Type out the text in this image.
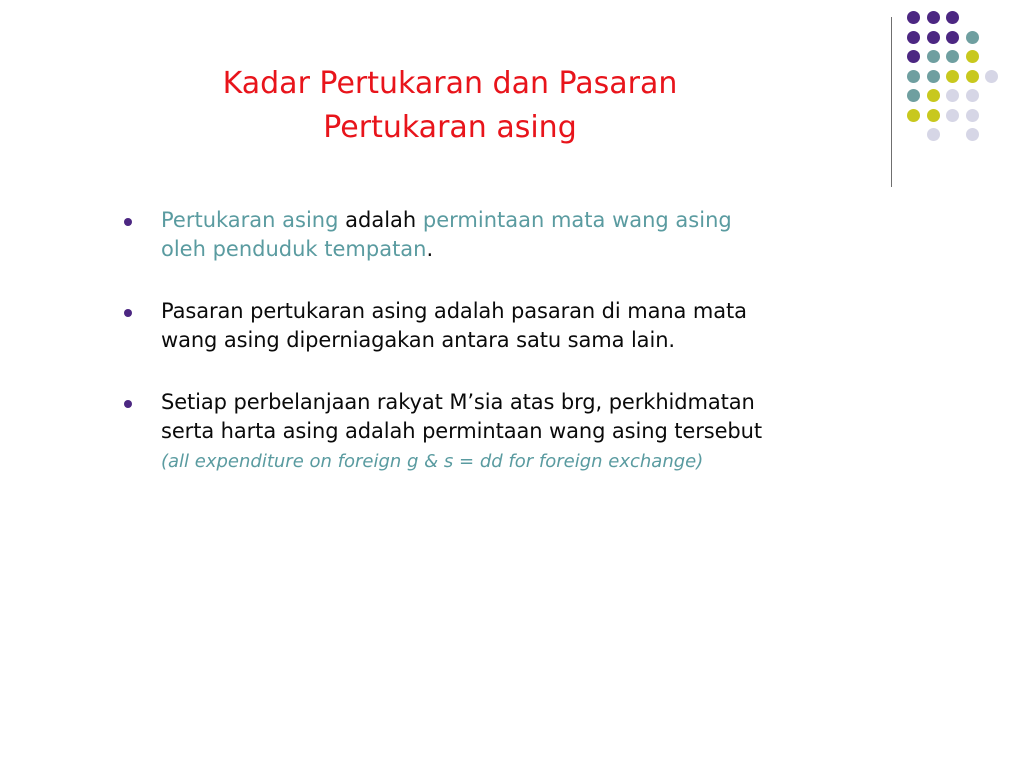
Kadar Pertukaran dan Pasaran
Pertukaran asing
Pertukaran asing adalah permintaan mata wang asing
oleh penduduk tempatan.
Pasaran pertukaran asing adalah pasaran di mana mata
wang asing diperniagakan antara satu sama lain.
Setiap perbelanjaan rakyat M’sia atas brg, perkhidmatan
serta harta asing adalah permintaan wang asing tersebut
(all expenditure on foreign g & s = dd for foreign exchange)
